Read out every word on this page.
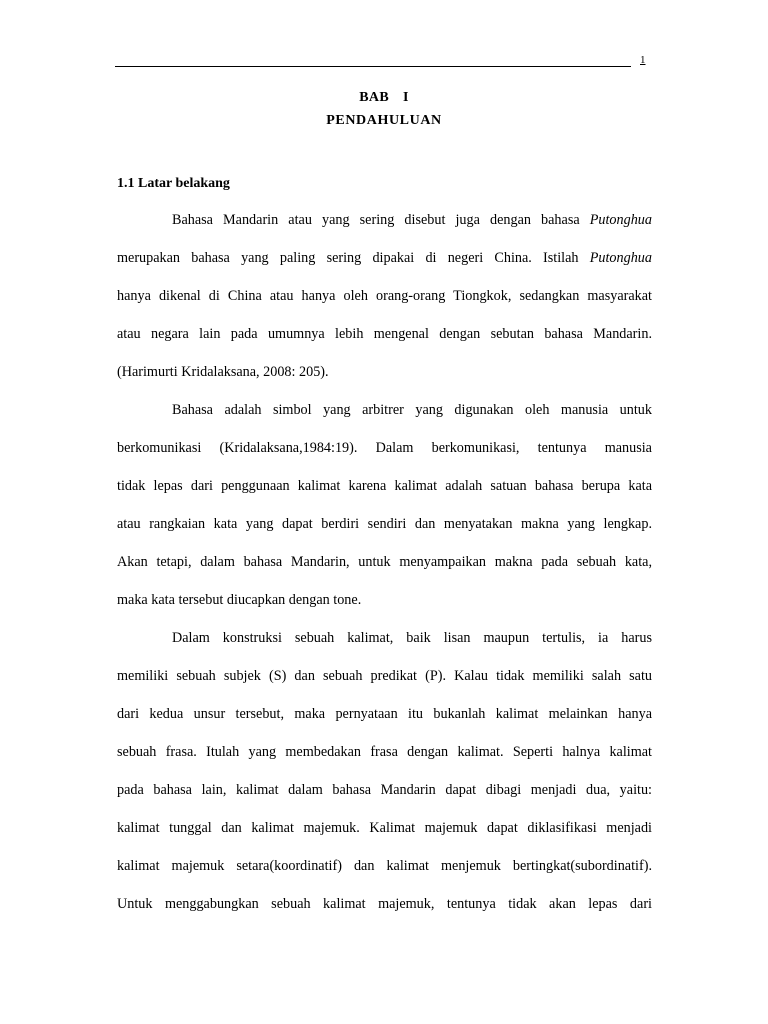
1
BAB I
PENDAHULUAN
1.1 Latar belakang
Bahasa Mandarin atau yang sering disebut juga dengan bahasa Putonghua
merupakan bahasa yang paling sering dipakai di negeri China. Istilah Putonghua
hanya dikenal di China atau hanya oleh orang-orang Tiongkok, sedangkan masyarakat
atau negara lain pada umumnya lebih mengenal dengan sebutan bahasa Mandarin.
(Harimurti Kridalaksana, 2008: 205).
Bahasa adalah simbol yang arbitrer yang digunakan oleh manusia untuk
berkomunikasi (Kridalaksana,1984:19). Dalam berkomunikasi, tentunya manusia
tidak lepas dari penggunaan kalimat karena kalimat adalah satuan bahasa berupa kata
atau rangkaian kata yang dapat berdiri sendiri dan menyatakan makna yang lengkap.
Akan tetapi, dalam bahasa Mandarin, untuk menyampaikan makna pada sebuah kata,
maka kata tersebut diucapkan dengan tone.
Dalam konstruksi sebuah kalimat, baik lisan maupun tertulis, ia harus
memiliki sebuah subjek (S) dan sebuah predikat (P). Kalau tidak memiliki salah satu
dari kedua unsur tersebut, maka pernyataan itu bukanlah kalimat melainkan hanya
sebuah frasa. Itulah yang membedakan frasa dengan kalimat. Seperti halnya kalimat
pada bahasa lain, kalimat dalam bahasa Mandarin dapat dibagi menjadi dua, yaitu:
kalimat tunggal dan kalimat majemuk. Kalimat majemuk dapat diklasifikasi menjadi
kalimat majemuk setara(koordinatif) dan kalimat menjemuk bertingkat(subordinatif).
Untuk menggabungkan sebuah kalimat majemuk, tentunya tidak akan lepas dari
